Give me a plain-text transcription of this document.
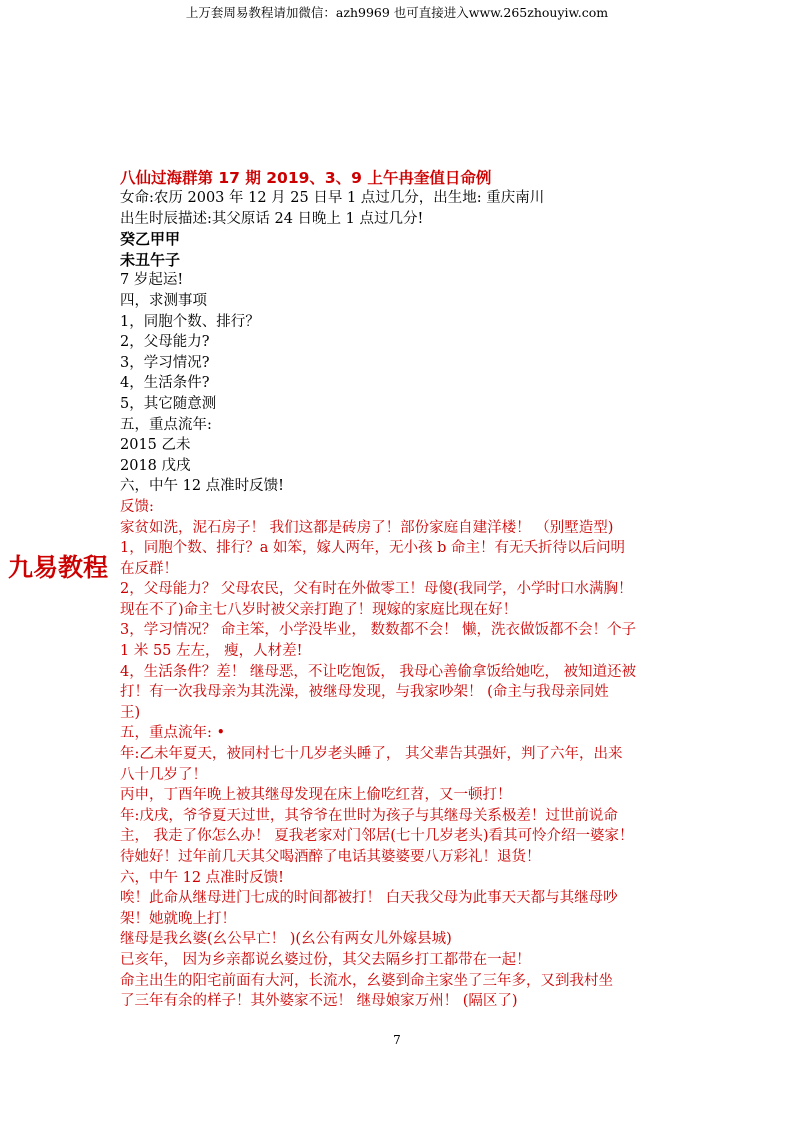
上万套周易教程请加微信：azh9969 也可直接进入www.265zhouyiw.com

八仙过海群第 17 期 2019、3、9 上午冉奎值日命例

女命:农历 2003 年 12 月 25 日早 1 点过几分，出生地: 重庆南川

出生时辰描述:其父原话 24 日晚上 1 点过几分!

癸乙甲甲

未丑午子

7 岁起运!

四，求测事项

1，同胞个数、排行？

2，父母能力?

3，学习情况?

4，生活条件?

5，其它随意测

五，重点流年:

2015 乙未

2018 戊戌

六，中午 12 点准时反馈!

反馈:

家贫如洗，泥石房子！ 我们这都是砖房了！部份家庭自建洋楼！ （别墅造型)

1，同胞个数、排行？a 如笨，嫁人两年，无小孩 b 命主！有无夭折待以后问明

在反群！

2，父母能力？ 父母农民，父有时在外做零工！母傻(我同学，小学时口水满胸！

现在不了)命主七八岁时被父亲打跑了！现嫁的家庭比现在好！

3，学习情况？ 命主笨，小学没毕业， 数数都不会！ 懒，洗衣做饭都不会！个子

1 米 55 左左， 瘦，人材差!

4，生活条件？差！ 继母恶，不让吃饱饭， 我母心善偷拿饭给她吃， 被知道还被

打！有一次我母亲为其洗澡，被继母发现，与我家吵架！ (命主与我母亲同姓

王)

五，重点流年: •

年:乙未年夏天，被同村七十几岁老头睡了， 其父辈告其强奸，判了六年，出来

八十几岁了！

丙申，丁酉年晚上被其继母发现在床上偷吃红苕，又一顿打！

年:戊戌，爷爷夏天过世，其爷爷在世时为孩子与其继母关系极差！过世前说命

主， 我走了你怎么办！ 夏我老家对门邻居(七十几岁老头)看其可怜介绍一婆家！

待她好！过年前几天其父喝酒醉了电话其婆婆要八万彩礼！退货！

六，中午 12 点准时反馈!

唉！此命从继母进门七成的时间都被打！ 白天我父母为此事天天都与其继母吵

架！她就晚上打！

继母是我幺婆(幺公早亡！ )(幺公有两女儿外嫁县城)

已亥年， 因为乡亲都说幺婆过份，其父去隔乡打工都带在一起！

命主出生的阳宅前面有大河，长流水，幺婆到命主家坐了三年多，又到我村坐

了三年有余的样子！其外婆家不远！ 继母娘家万州！ (隔区了)

九易教程
7
